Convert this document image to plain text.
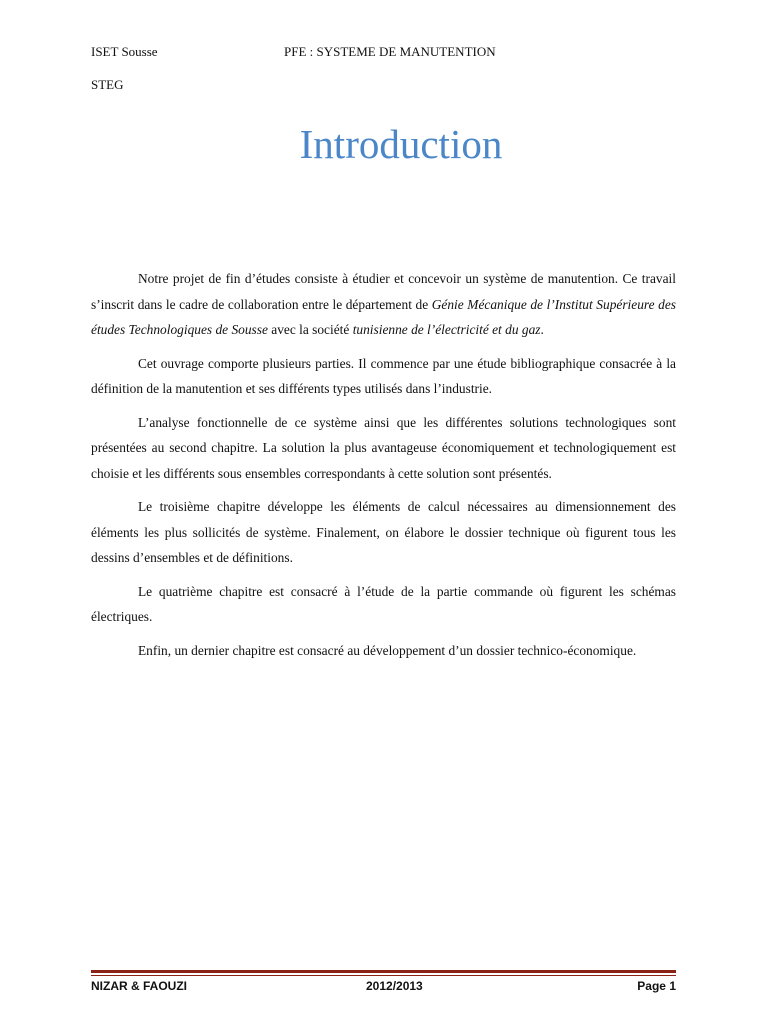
ISET Sousse	PFE : SYSTEME DE MANUTENTION
STEG
Introduction

Notre projet de fin d’études consiste à étudier et concevoir un système de manutention. Ce travail s’inscrit dans le cadre de collaboration entre le département de Génie Mécanique de l’Institut Supérieure des études Technologiques de Sousse avec la société tunisienne de l’électricité et du gaz.

Cet ouvrage comporte plusieurs parties. Il commence par une étude bibliographique consacrée à la définition de la manutention et ses différents types utilisés dans l’industrie.

L’analyse fonctionnelle de ce système ainsi que les différentes solutions technologiques sont présentées au second chapitre. La solution la plus avantageuse économiquement et technologiquement est choisie et les différents sous ensembles correspondants à cette solution sont présentés.

Le troisième chapitre développe les éléments de calcul nécessaires au dimensionnement des éléments les plus sollicités de système. Finalement, on élabore le dossier technique où figurent tous les dessins d’ensembles et de définitions.

Le quatrième chapitre est consacré à l’étude de la partie commande où figurent les schémas électriques.

Enfin, un dernier chapitre est consacré au développement d’un dossier technico-économique.

NIZAR & FAOUZI	2012/2013	Page 1
